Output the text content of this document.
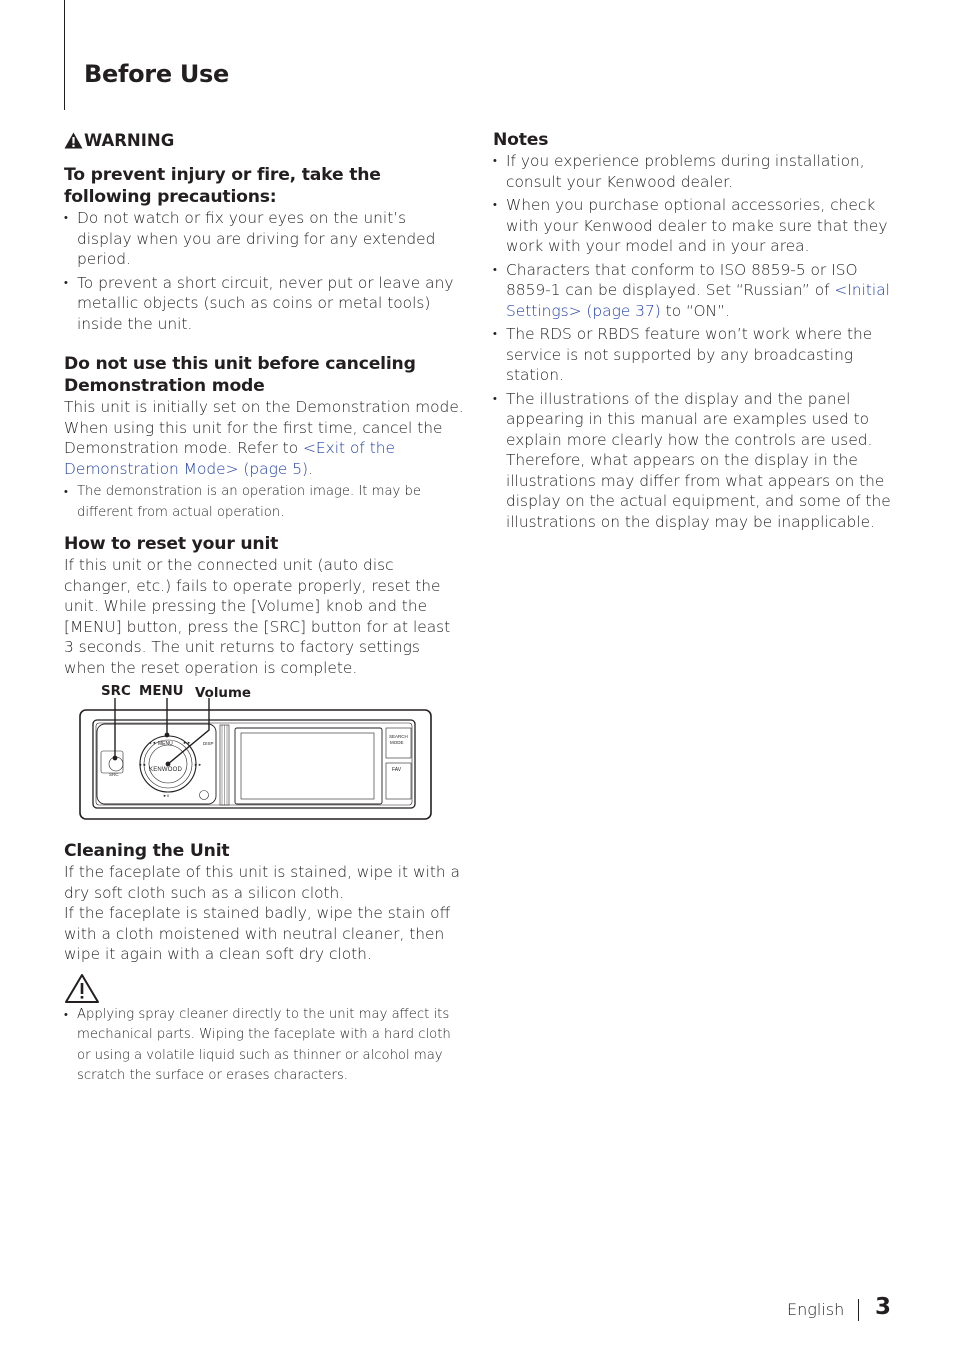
Before Use
WARNING
To prevent injury or fire, take the following precautions:
• Do not watch or fix your eyes on the unit’s display when you are driving for any extended period.
• To prevent a short circuit, never put or leave any metallic objects (such as coins or metal tools) inside the unit.
Do not use this unit before canceling Demonstration mode

This unit is initially set on the Demonstration mode. When using this unit for the first time, cancel the Demonstration mode. Refer to <Exit of the Demonstration Mode> (page 5).

• The demonstration is an operation image. It may be different from actual operation.
How to reset your unit

If this unit or the connected unit (auto disc changer, etc.) fails to operate properly, reset the unit. While pressing the [Volume] knob and the [MENU] button, press the [SRC] button for at least 3 seconds. The unit returns to factory settings when the reset operation is complete.

SRC MENU Volume
◄◄	►►
◄◄	►►
►II
MENU	DISP
SRC
KENWOOD
SEARCH
MODE
FAV
Cleaning the Unit

If the faceplate of this unit is stained, wipe it with a dry soft cloth such as a silicon cloth.

If the faceplate is stained badly, wipe the stain off with a cloth moistened with neutral cleaner, then wipe it again with a clean soft dry cloth.

• Applying spray cleaner directly to the unit may affect its mechanical parts. Wiping the faceplate with a hard cloth or using a volatile liquid such as thinner or alcohol may scratch the surface or erases characters.
Notes
• If you experience problems during installation, consult your Kenwood dealer.
• When you purchase optional accessories, check with your Kenwood dealer to make sure that they work with your model and in your area.
• Characters that conform to ISO 8859-5 or ISO 8859-1 can be displayed. Set “Russian” of <Initial Settings> (page 37) to “ON”.
• The RDS or RBDS feature won’t work where the service is not supported by any broadcasting station.
• The illustrations of the display and the panel appearing in this manual are examples used to explain more clearly how the controls are used. Therefore, what appears on the display in the illustrations may differ from what appears on the display on the actual equipment, and some of the illustrations on the display may be inapplicable.
English 3
